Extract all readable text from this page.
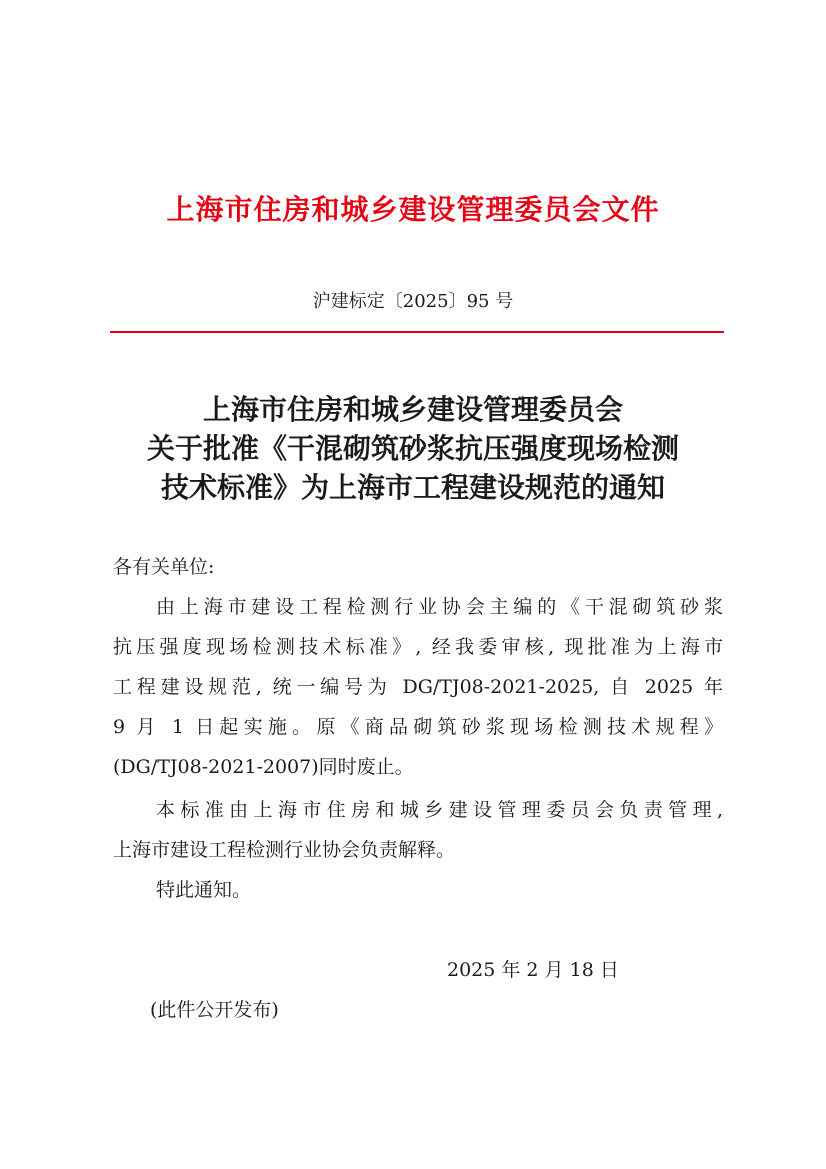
上海市住房和城乡建设管理委员会文件
沪建标定〔2025〕95 号
上海市住房和城乡建设管理委员会
关于批准《干混砌筑砂浆抗压强度现场检测
技术标准》为上海市工程建设规范的通知
各有关单位:
由上海市建设工程检测行业协会主编的《干混砌筑砂浆
抗压强度现场检测技术标准》, 经我委审核, 现批准为上海市
工程建设规范, 统一编号为 DG/TJ08-2021-2025, 自 2025 年
9 月 1 日起实施。原《商品砌筑砂浆现场检测技术规程》
(DG/TJ08-2021-2007)同时废止。
本标准由上海市住房和城乡建设管理委员会负责管理,
上海市建设工程检测行业协会负责解释。
特此通知。
2025 年 2 月 18 日
(此件公开发布)
